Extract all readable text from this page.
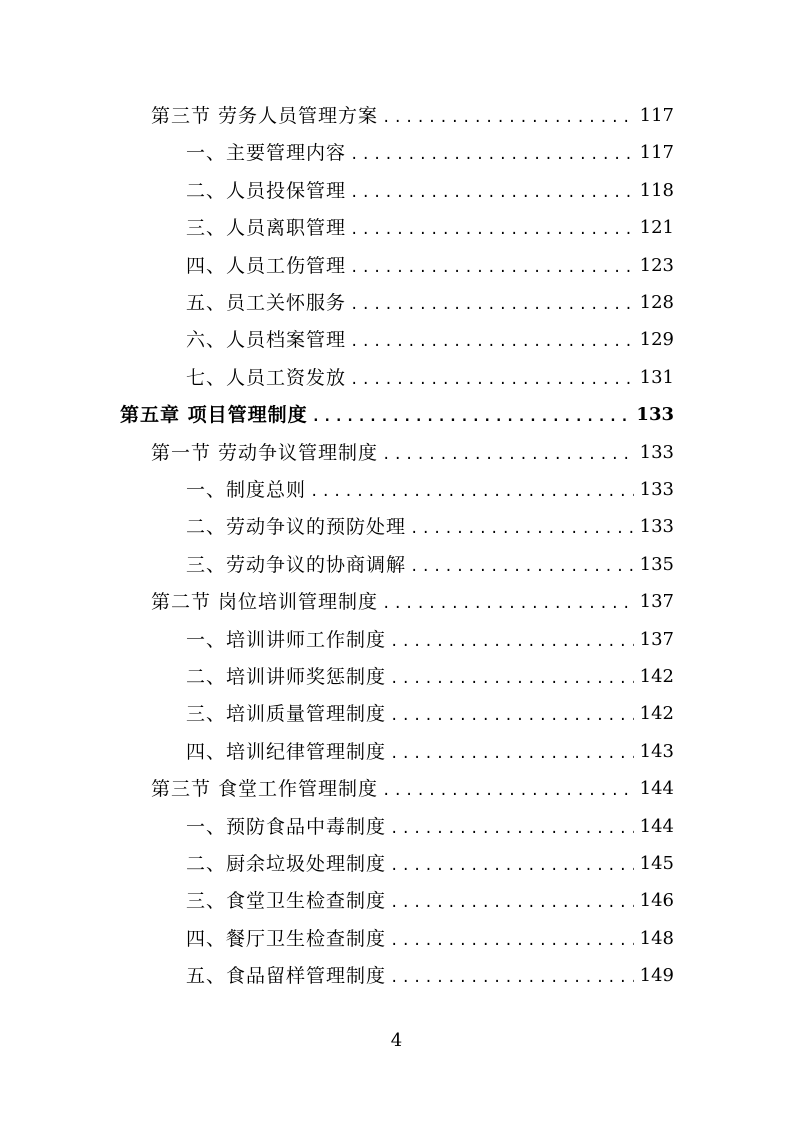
第三节 劳务人员管理方案 .....	117
一、主要管理内容 .....	117
二、人员投保管理 .....	118
三、人员离职管理 .....	121
四、人员工伤管理 .....	123
五、员工关怀服务 .....	128
六、人员档案管理 .....	129
七、人员工资发放 .....	131
第五章 项目管理制度 .....	133
第一节 劳动争议管理制度 .....	133
一、制度总则 .....	133
二、劳动争议的预防处理 .....	133
三、劳动争议的协商调解 .....	135
第二节 岗位培训管理制度 .....	137
一、培训讲师工作制度 .....	137
二、培训讲师奖惩制度 .....	142
三、培训质量管理制度 .....	142
四、培训纪律管理制度 .....	143
第三节 食堂工作管理制度 .....	144
一、预防食品中毒制度 .....	144
二、厨余垃圾处理制度 .....	145
三、食堂卫生检查制度 .....	146
四、餐厅卫生检查制度 .....	148
五、食品留样管理制度 .....	149
4
